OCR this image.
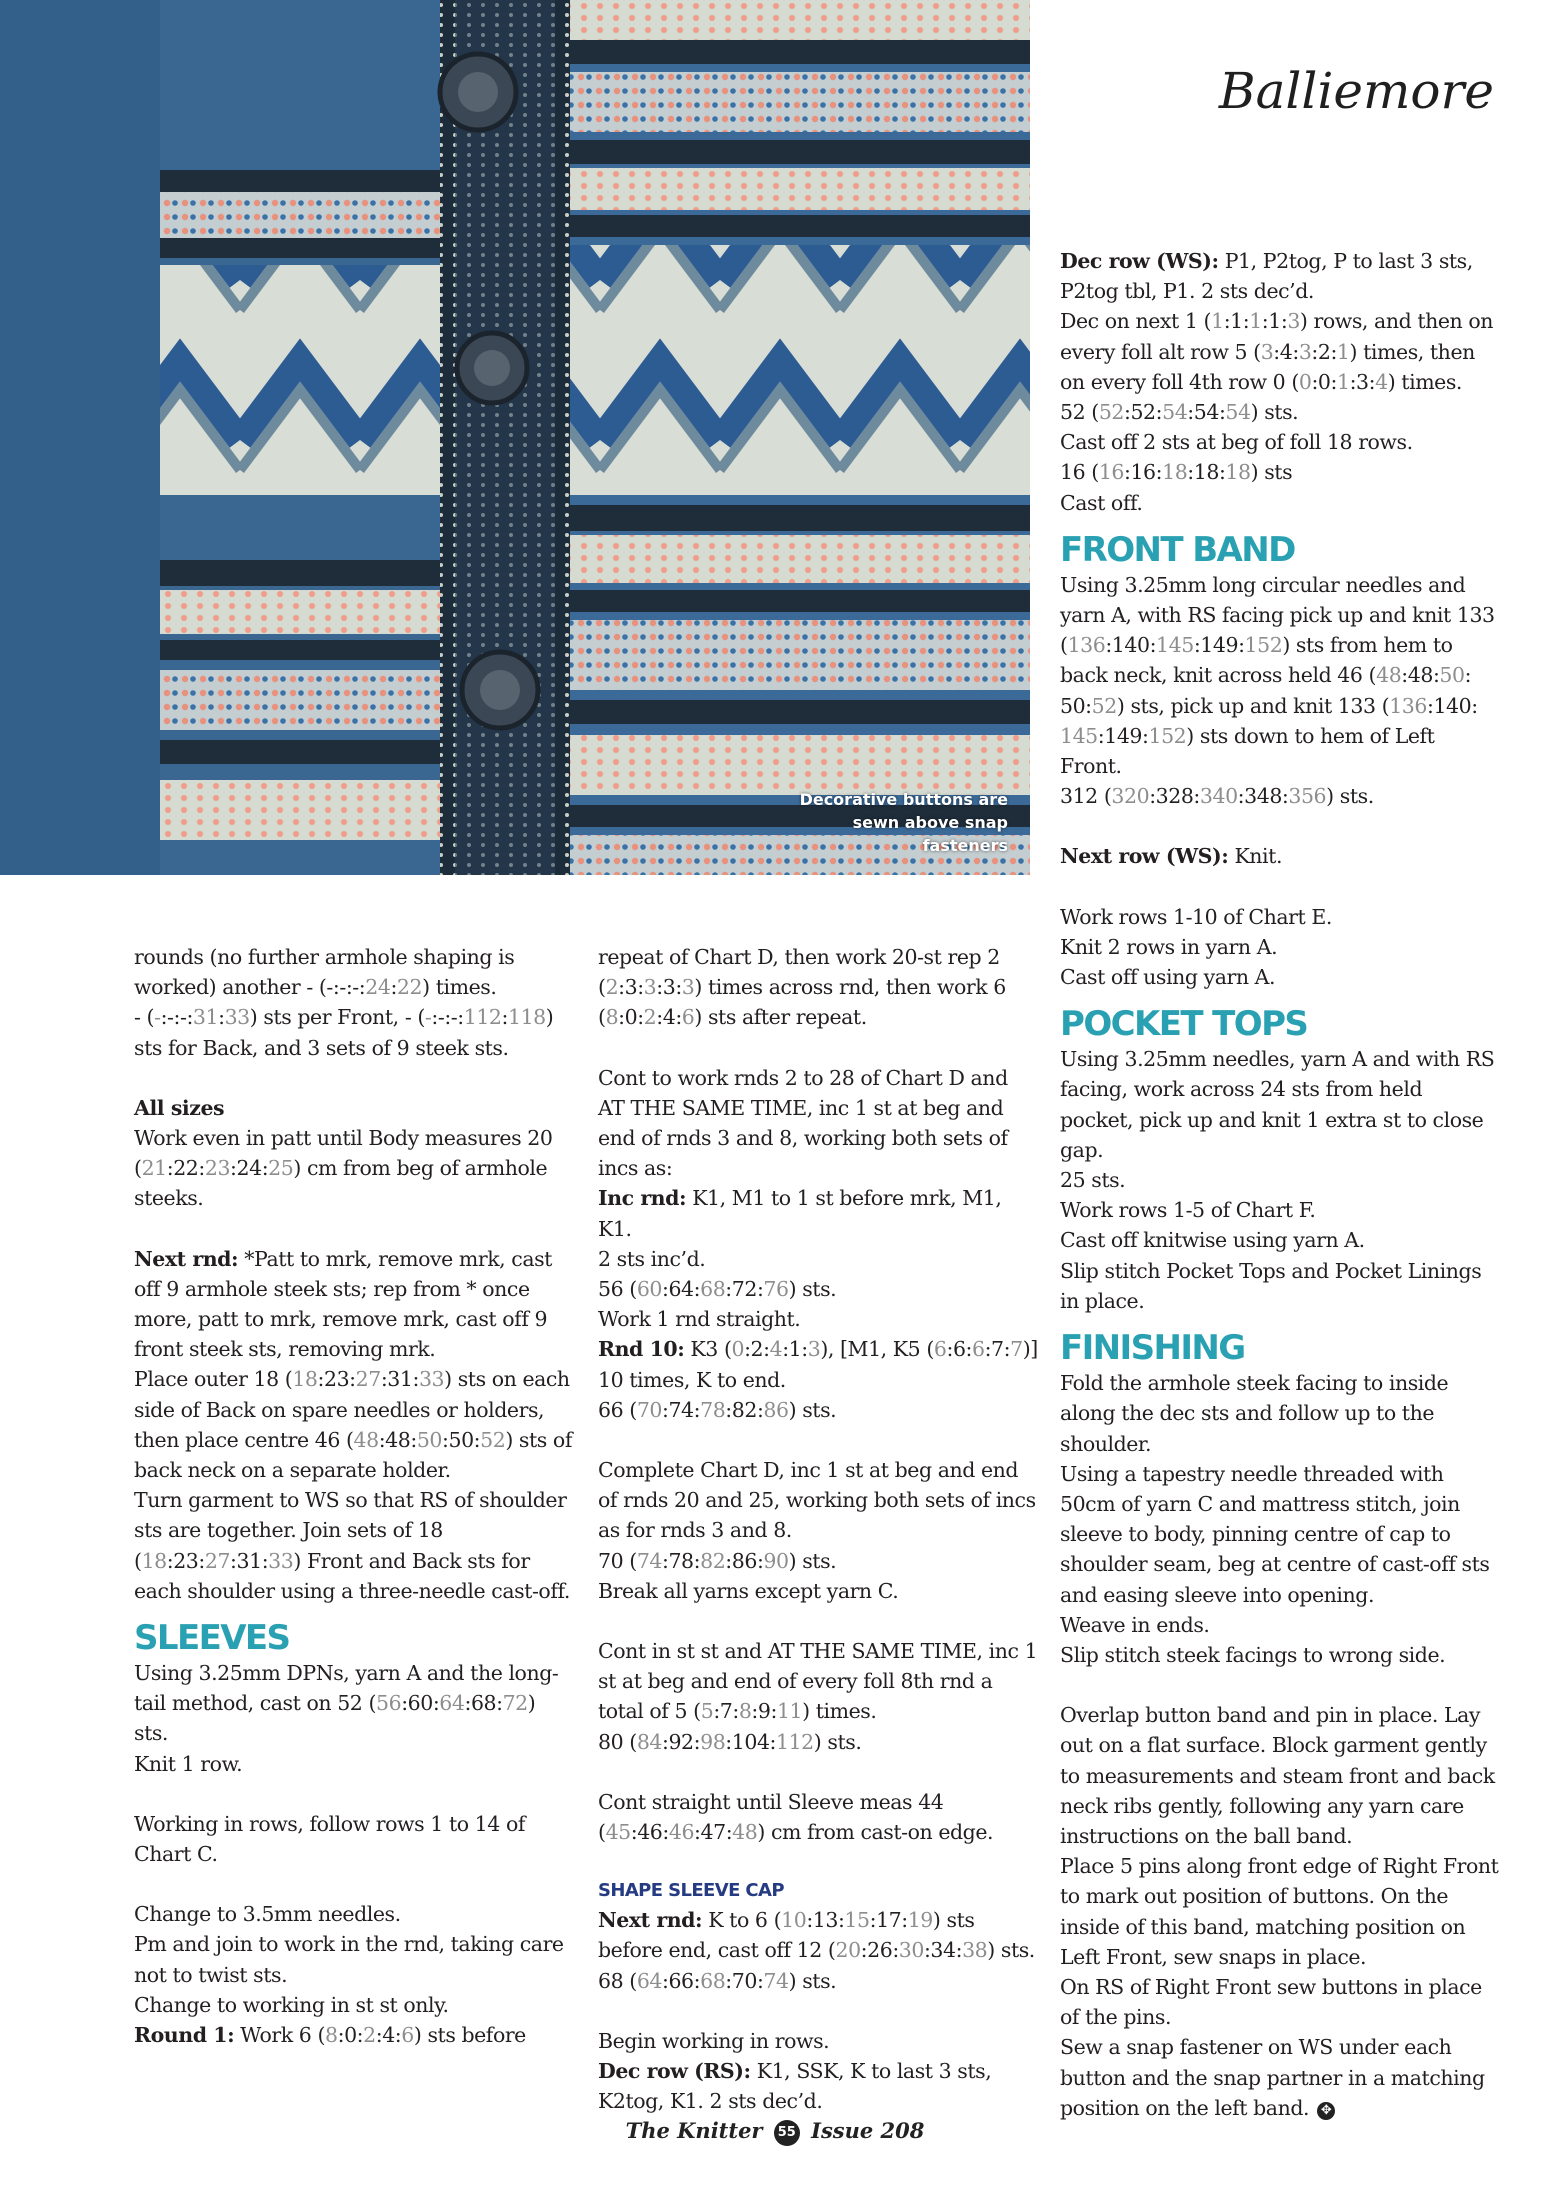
Decorative buttons are sewn above snap fasteners
Balliemore

rounds (no further armhole shaping is worked) another - (-:-:-:24:22) times.

- (-:-:-:31:33) sts per Front, - (-:-:-:112:118) sts for Back, and 3 sets of 9 steek sts.

All sizes

Work even in patt until Body measures 20 (21:22:23:24:25) cm from beg of armhole steeks.

Next rnd: *Patt to mrk, remove mrk, cast off 9 armhole steek sts; rep from * once more, patt to mrk, remove mrk, cast off 9 front steek sts, removing mrk.

Place outer 18 (18:23:27:31:33) sts on each side of Back on spare needles or holders, then place centre 46 (48:48:50:50:52) sts of back neck on a separate holder.

Turn garment to WS so that RS of shoulder sts are together. Join sets of 18 (18:23:27:31:33) Front and Back sts for each shoulder using a three-needle cast-off.

SLEEVES

Using 3.25mm DPNs, yarn A and the long-tail method, cast on 52 (56:60:64:68:72) sts.

Knit 1 row.

Working in rows, follow rows 1 to 14 of Chart C.

Change to 3.5mm needles.

Pm and join to work in the rnd, taking care not to twist sts.

Change to working in st st only.

Round 1: Work 6 (8:0:2:4:6) sts before

repeat of Chart D, then work 20-st rep 2 (2:3:3:3:3) times across rnd, then work 6 (8:0:2:4:6) sts after repeat.

Cont to work rnds 2 to 28 of Chart D and AT THE SAME TIME, inc 1 st at beg and end of rnds 3 and 8, working both sets of incs as:

Inc rnd: K1, M1 to 1 st before mrk, M1, K1.

2 sts inc’d.

56 (60:64:68:72:76) sts.

Work 1 rnd straight.

Rnd 10: K3 (0:2:4:1:3), [M1, K5 (6:6:6:7:7)] 10 times, K to end.

66 (70:74:78:82:86) sts.

Complete Chart D, inc 1 st at beg and end of rnds 20 and 25, working both sets of incs as for rnds 3 and 8.

70 (74:78:82:86:90) sts.

Break all yarns except yarn C.

Cont in st st and AT THE SAME TIME, inc 1 st at beg and end of every foll 8th rnd a total of 5 (5:7:8:9:11) times.

80 (84:92:98:104:112) sts.

Cont straight until Sleeve meas 44 (45:46:46:47:48) cm from cast-on edge.

SHAPE SLEEVE CAP

Next rnd: K to 6 (10:13:15:17:19) sts before end, cast off 12 (20:26:30:34:38) sts.

68 (64:66:68:70:74) sts.

Begin working in rows.

Dec row (RS): K1, SSK, K to last 3 sts, K2tog, K1. 2 sts dec’d.

Dec row (WS): P1, P2tog, P to last 3 sts, P2tog tbl, P1. 2 sts dec’d.

Dec on next 1 (1:1:1:1:3) rows, and then on every foll alt row 5 (3:4:3:2:1) times, then on every foll 4th row 0 (0:0:1:3:4) times.

52 (52:52:54:54:54) sts.

Cast off 2 sts at beg of foll 18 rows.

16 (16:16:18:18:18) sts

Cast off.

FRONT BAND

Using 3.25mm long circular needles and yarn A, with RS facing pick up and knit 133 (136:140:145:149:152) sts from hem to back neck, knit across held 46 (48:48:50: 50:52) sts, pick up and knit 133 (136:140: 145:149:152) sts down to hem of Left Front.

312 (320:328:340:348:356) sts.

Next row (WS): Knit.

Work rows 1-10 of Chart E.

Knit 2 rows in yarn A.

Cast off using yarn A.

POCKET TOPS

Using 3.25mm needles, yarn A and with RS facing, work across 24 sts from held pocket, pick up and knit 1 extra st to close gap.

25 sts.

Work rows 1-5 of Chart F.

Cast off knitwise using yarn A.

Slip stitch Pocket Tops and Pocket Linings in place.

FINISHING

Fold the armhole steek facing to inside along the dec sts and follow up to the shoulder.

Using a tapestry needle threaded with 50cm of yarn C and mattress stitch, join sleeve to body, pinning centre of cap to shoulder seam, beg at centre of cast-off sts and easing sleeve into opening.

Weave in ends.

Slip stitch steek facings to wrong side.

Overlap button band and pin in place. Lay out on a flat surface. Block garment gently to measurements and steam front and back neck ribs gently, following any yarn care instructions on the ball band.

Place 5 pins along front edge of Right Front to mark out position of buttons. On the inside of this band, matching position on Left Front, sew snaps in place.

On RS of Right Front sew buttons in place of the pins.

Sew a snap fastener on WS under each button and the snap partner in a matching position on the left band. ✥

The Knitter 55 Issue 208
